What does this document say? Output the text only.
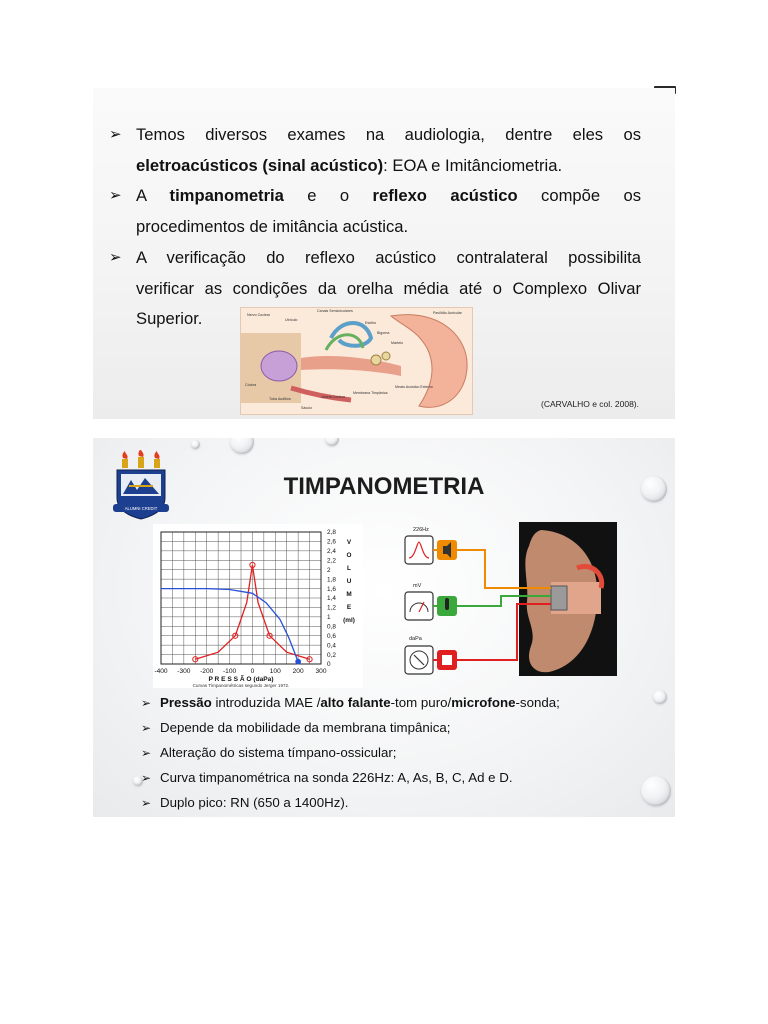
➢ Temos diversos exames na audiologia, dentre eles os
eletroacústicos (sinal acústico): EOA e Imitânciometria.
➢ A timpanometria e o reflexo acústico compõe os
procedimentos de imitância acústica.
➢ A verificação do reflexo acústico contralateral possibilita
verificar as condições da orelha média até o Complexo Olivar
Superior.	Nervo Coclear
Utrículo
Canais Semicirculares
Estribo
Bigorna
Martelo
Pavilhão Auricular
Cóclea
Tuba Auditiva
Sáculo
Janela Coclear
Membrana Timpânica
Meato Acústico Externo
(CARVALHO e col. 2008).
ALUMNI CREDIT
TIMPANOMETRIA
2,8
2,6
2,4
2,2
2
1,8
1,6
1,4
1,2
1
0,8
0,6
0,4
0,2
0
V
O
L
U
M
E
(ml)
-400 -300 -200 -100 0 100 200 300
P R E S S Ã O (daPa)
Curvas Timpanométricas segundo Jerger 1972.
226Hz
mV
daPa
➢ Pressão introduzida MAE /alto falante-tom puro/microfone-sonda;
➢ Depende da mobilidade da membrana timpânica;
➢ Alteração do sistema tímpano-ossicular;
➢ Curva timpanométrica na sonda 226Hz: A, As, B, C, Ad e D.
➢ Duplo pico: RN (650 a 1400Hz).
